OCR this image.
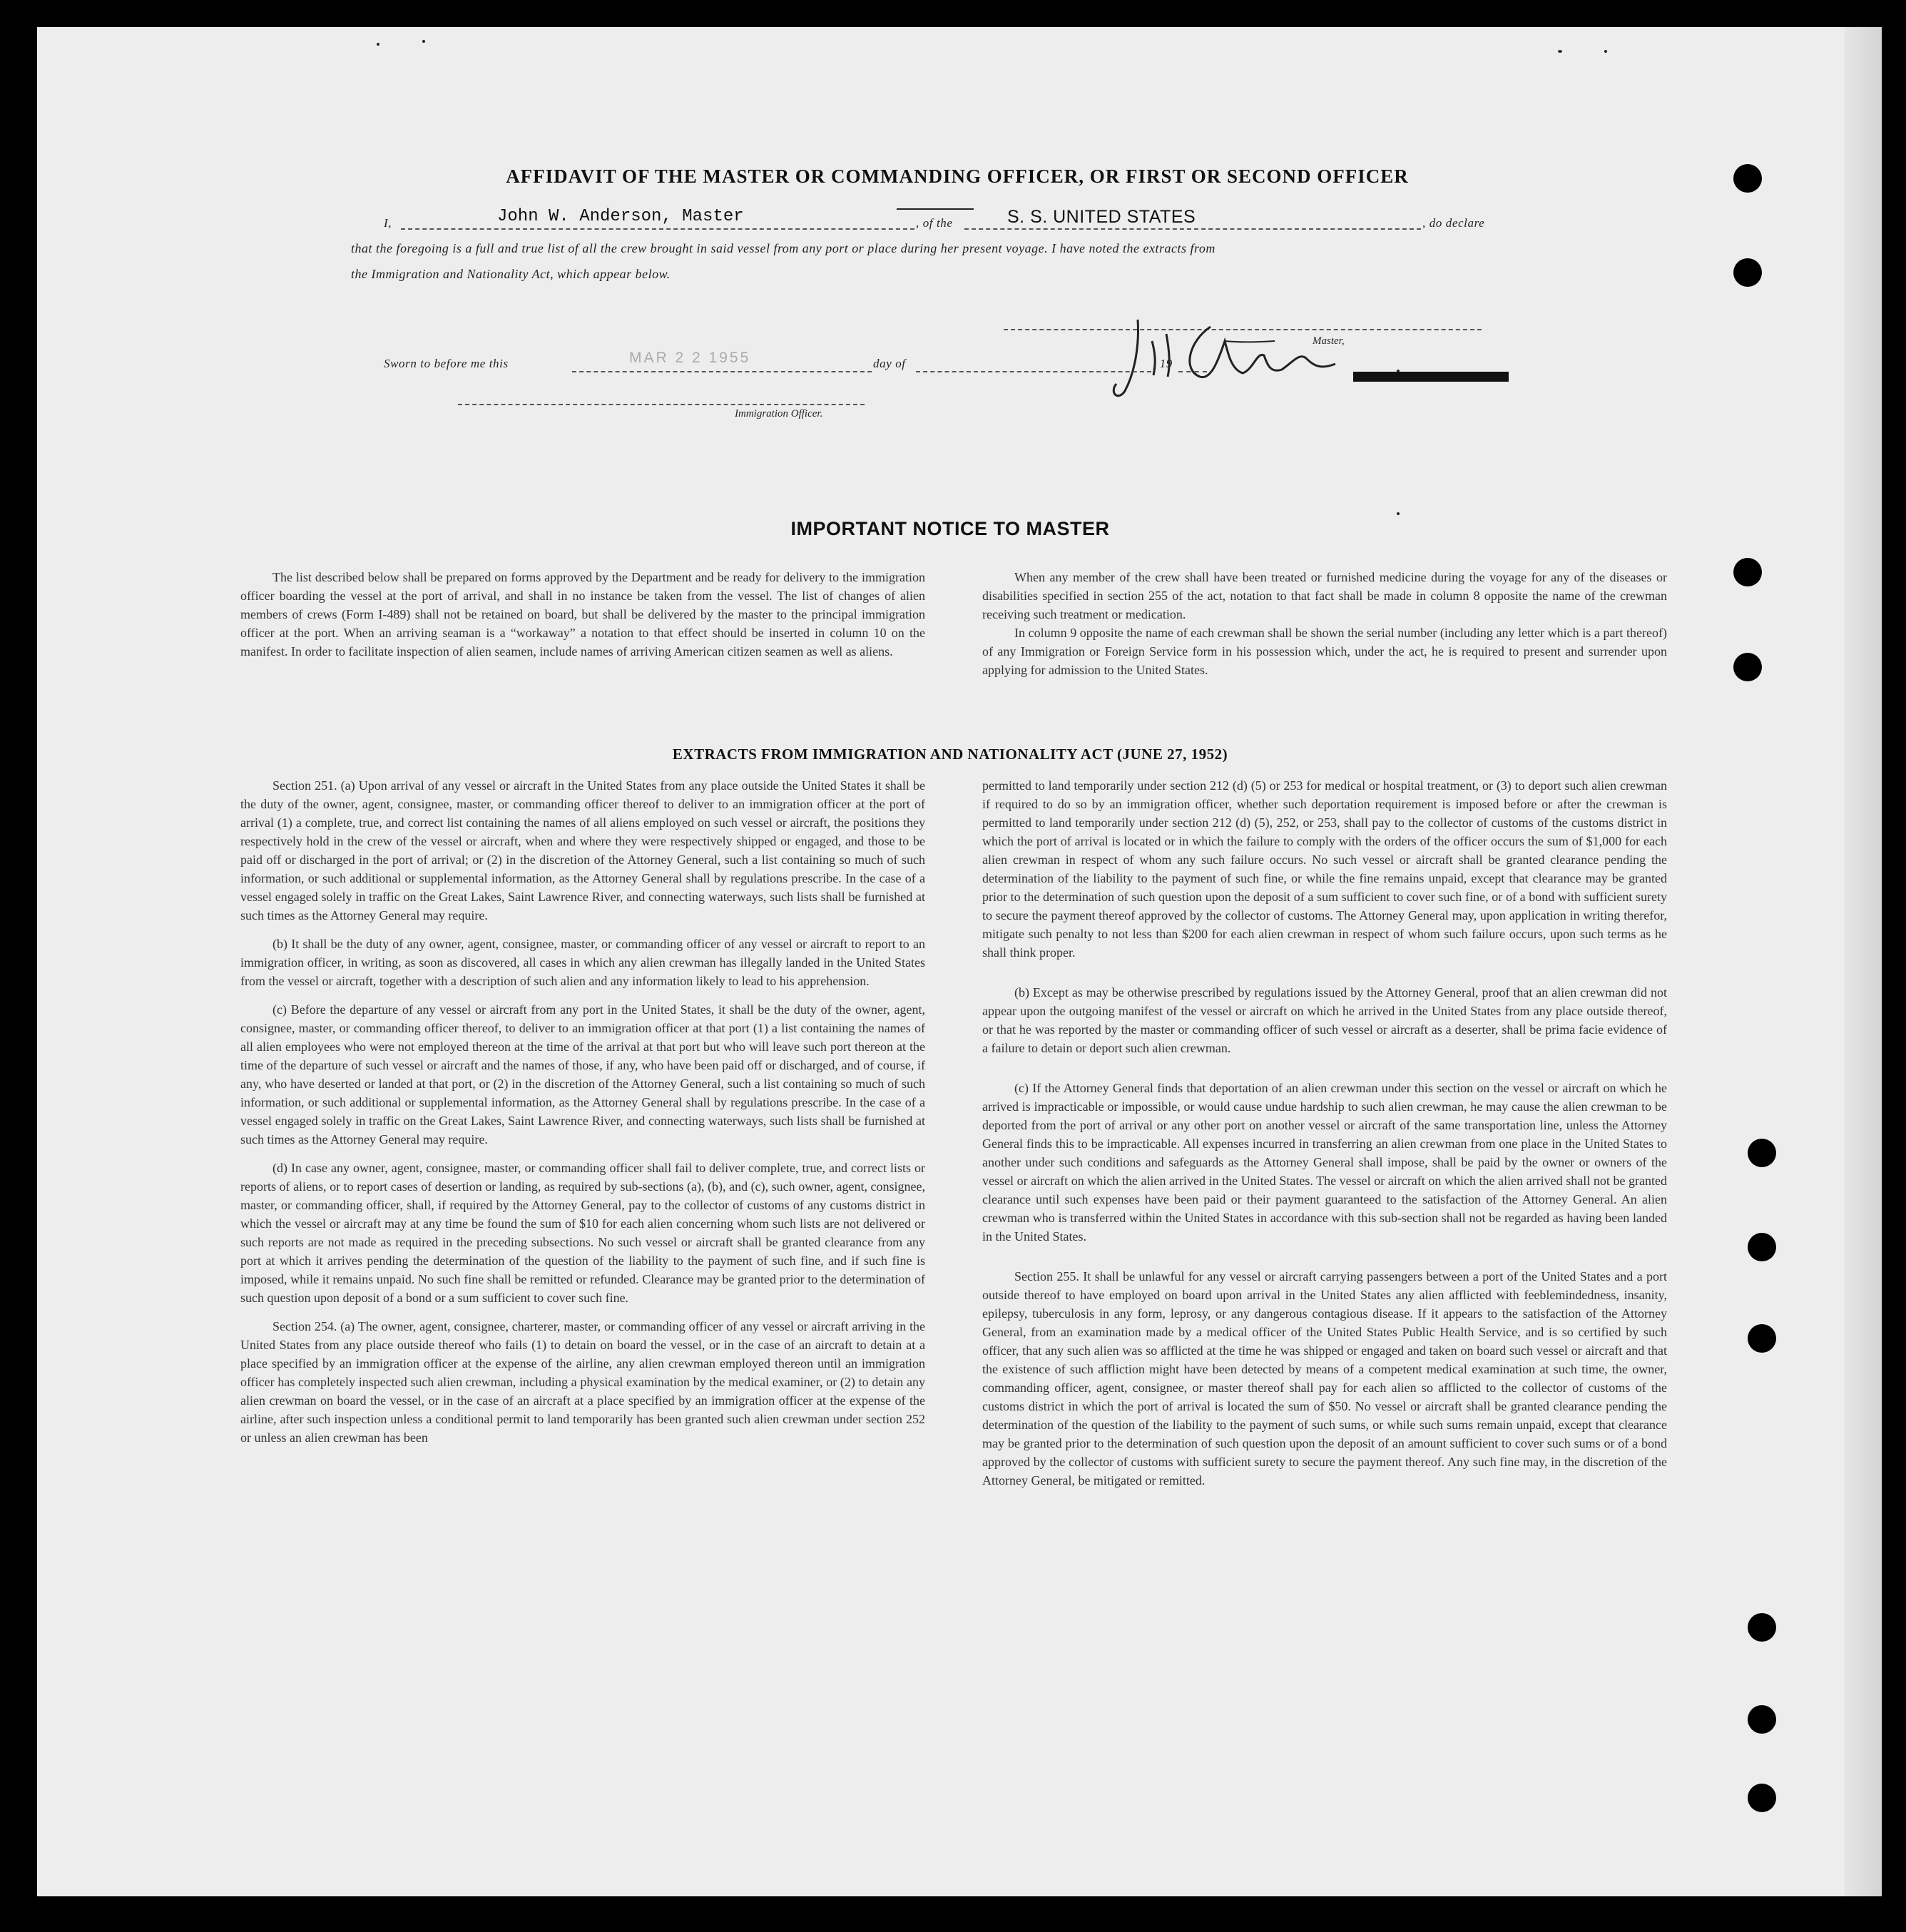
AFFIDAVIT OF THE MASTER OR COMMANDING OFFICER, OR FIRST OR SECOND OFFICER
I,	John W. Anderson, Master	, of the	S. S. UNITED STATES	, do declare
that the foregoing is a full and true list of all the crew brought in said vessel from any port or place during her present voyage. I have noted the extracts from
the Immigration and Nationality Act, which appear below.
Master,
Sworn to before me this	MAR 2 2 1955	day of	, 19
Immigration Officer.
IMPORTANT NOTICE TO MASTER

The list described below shall be prepared on forms approved by the Department and be ready for delivery to the immigration officer boarding the vessel at the port of arrival, and shall in no instance be taken from the vessel. The list of changes of alien members of crews (Form I-489) shall not be retained on board, but shall be delivered by the master to the principal immigration officer at the port. When an arriving seaman is a “workaway” a notation to that effect should be inserted in column 10 on the manifest. In order to facilitate inspection of alien seamen, include names of arriving American citizen seamen as well as aliens.

When any member of the crew shall have been treated or furnished medicine during the voyage for any of the diseases or disabilities specified in section 255 of the act, notation to that fact shall be made in column 8 opposite the name of the crewman receiving such treatment or medication.

In column 9 opposite the name of each crewman shall be shown the serial number (including any letter which is a part thereof) of any Immigration or Foreign Service form in his possession which, under the act, he is required to present and surrender upon applying for admission to the United States.

EXTRACTS FROM IMMIGRATION AND NATIONALITY ACT (JUNE 27, 1952)

Section 251. (a) Upon arrival of any vessel or aircraft in the United States from any place outside the United States it shall be the duty of the owner, agent, consignee, master, or commanding officer thereof to deliver to an immigration officer at the port of arrival (1) a complete, true, and correct list containing the names of all aliens employed on such vessel or aircraft, the positions they respectively hold in the crew of the vessel or aircraft, when and where they were respectively shipped or engaged, and those to be paid off or discharged in the port of arrival; or (2) in the discretion of the Attorney General, such a list containing so much of such information, or such additional or supplemental information, as the Attorney General shall by regulations prescribe. In the case of a vessel engaged solely in traffic on the Great Lakes, Saint Lawrence River, and connecting waterways, such lists shall be furnished at such times as the Attorney General may require.

(b) It shall be the duty of any owner, agent, consignee, master, or commanding officer of any vessel or aircraft to report to an immigration officer, in writing, as soon as discovered, all cases in which any alien crewman has illegally landed in the United States from the vessel or aircraft, together with a description of such alien and any information likely to lead to his apprehension.

(c) Before the departure of any vessel or aircraft from any port in the United States, it shall be the duty of the owner, agent, consignee, master, or commanding officer thereof, to deliver to an immigration officer at that port (1) a list containing the names of all alien employees who were not employed thereon at the time of the arrival at that port but who will leave such port thereon at the time of the departure of such vessel or aircraft and the names of those, if any, who have been paid off or discharged, and of course, if any, who have deserted or landed at that port, or (2) in the discretion of the Attorney General, such a list containing so much of such information, or such additional or supplemental information, as the Attorney General shall by regulations prescribe. In the case of a vessel engaged solely in traffic on the Great Lakes, Saint Lawrence River, and connecting waterways, such lists shall be furnished at such times as the Attorney General may require.

(d) In case any owner, agent, consignee, master, or commanding officer shall fail to deliver complete, true, and correct lists or reports of aliens, or to report cases of desertion or landing, as required by sub-sections (a), (b), and (c), such owner, agent, consignee, master, or commanding officer, shall, if required by the Attorney General, pay to the collector of customs of any customs district in which the vessel or aircraft may at any time be found the sum of $10 for each alien concerning whom such lists are not delivered or such reports are not made as required in the preceding subsections. No such vessel or aircraft shall be granted clearance from any port at which it arrives pending the determination of the question of the liability to the payment of such fine, and if such fine is imposed, while it remains unpaid. No such fine shall be remitted or refunded. Clearance may be granted prior to the determination of such question upon deposit of a bond or a sum sufficient to cover such fine.

Section 254. (a) The owner, agent, consignee, charterer, master, or commanding officer of any vessel or aircraft arriving in the United States from any place outside thereof who fails (1) to detain on board the vessel, or in the case of an aircraft to detain at a place specified by an immigration officer at the expense of the airline, any alien crewman employed thereon until an immigration officer has completely inspected such alien crewman, including a physical examination by the medical examiner, or (2) to detain any alien crewman on board the vessel, or in the case of an aircraft at a place specified by an immigration officer at the expense of the airline, after such inspection unless a conditional permit to land temporarily has been granted such alien crewman under section 252 or unless an alien crewman has been

permitted to land temporarily under section 212 (d) (5) or 253 for medical or hospital treatment, or (3) to deport such alien crewman if required to do so by an immigration officer, whether such deportation requirement is imposed before or after the crewman is permitted to land temporarily under section 212 (d) (5), 252, or 253, shall pay to the collector of customs of the customs district in which the port of arrival is located or in which the failure to comply with the orders of the officer occurs the sum of $1,000 for each alien crewman in respect of whom any such failure occurs. No such vessel or aircraft shall be granted clearance pending the determination of the liability to the payment of such fine, or while the fine remains unpaid, except that clearance may be granted prior to the determination of such question upon the deposit of a sum sufficient to cover such fine, or of a bond with sufficient surety to secure the payment thereof approved by the collector of customs. The Attorney General may, upon application in writing therefor, mitigate such penalty to not less than $200 for each alien crewman in respect of whom such failure occurs, upon such terms as he shall think proper.

(b) Except as may be otherwise prescribed by regulations issued by the Attorney General, proof that an alien crewman did not appear upon the outgoing manifest of the vessel or aircraft on which he arrived in the United States from any place outside thereof, or that he was reported by the master or commanding officer of such vessel or aircraft as a deserter, shall be prima facie evidence of a failure to detain or deport such alien crewman.

(c) If the Attorney General finds that deportation of an alien crewman under this section on the vessel or aircraft on which he arrived is impracticable or impossible, or would cause undue hardship to such alien crewman, he may cause the alien crewman to be deported from the port of arrival or any other port on another vessel or aircraft of the same transportation line, unless the Attorney General finds this to be impracticable. All expenses incurred in transferring an alien crewman from one place in the United States to another under such conditions and safeguards as the Attorney General shall impose, shall be paid by the owner or owners of the vessel or aircraft on which the alien arrived in the United States. The vessel or aircraft on which the alien arrived shall not be granted clearance until such expenses have been paid or their payment guaranteed to the satisfaction of the Attorney General. An alien crewman who is transferred within the United States in accordance with this sub-section shall not be regarded as having been landed in the United States.

Section 255. It shall be unlawful for any vessel or aircraft carrying passengers between a port of the United States and a port outside thereof to have employed on board upon arrival in the United States any alien afflicted with feeblemindedness, insanity, epilepsy, tuberculosis in any form, leprosy, or any dangerous contagious disease. If it appears to the satisfaction of the Attorney General, from an examination made by a medical officer of the United States Public Health Service, and is so certified by such officer, that any such alien was so afflicted at the time he was shipped or engaged and taken on board such vessel or aircraft and that the existence of such affliction might have been detected by means of a competent medical examination at such time, the owner, commanding officer, agent, consignee, or master thereof shall pay for each alien so afflicted to the collector of customs of the customs district in which the port of arrival is located the sum of $50. No vessel or aircraft shall be granted clearance pending the determination of the question of the liability to the payment of such sums, or while such sums remain unpaid, except that clearance may be granted prior to the determination of such question upon the deposit of an amount sufficient to cover such sums or of a bond approved by the collector of customs with sufficient surety to secure the payment thereof. Any such fine may, in the discretion of the Attorney General, be mitigated or remitted.
